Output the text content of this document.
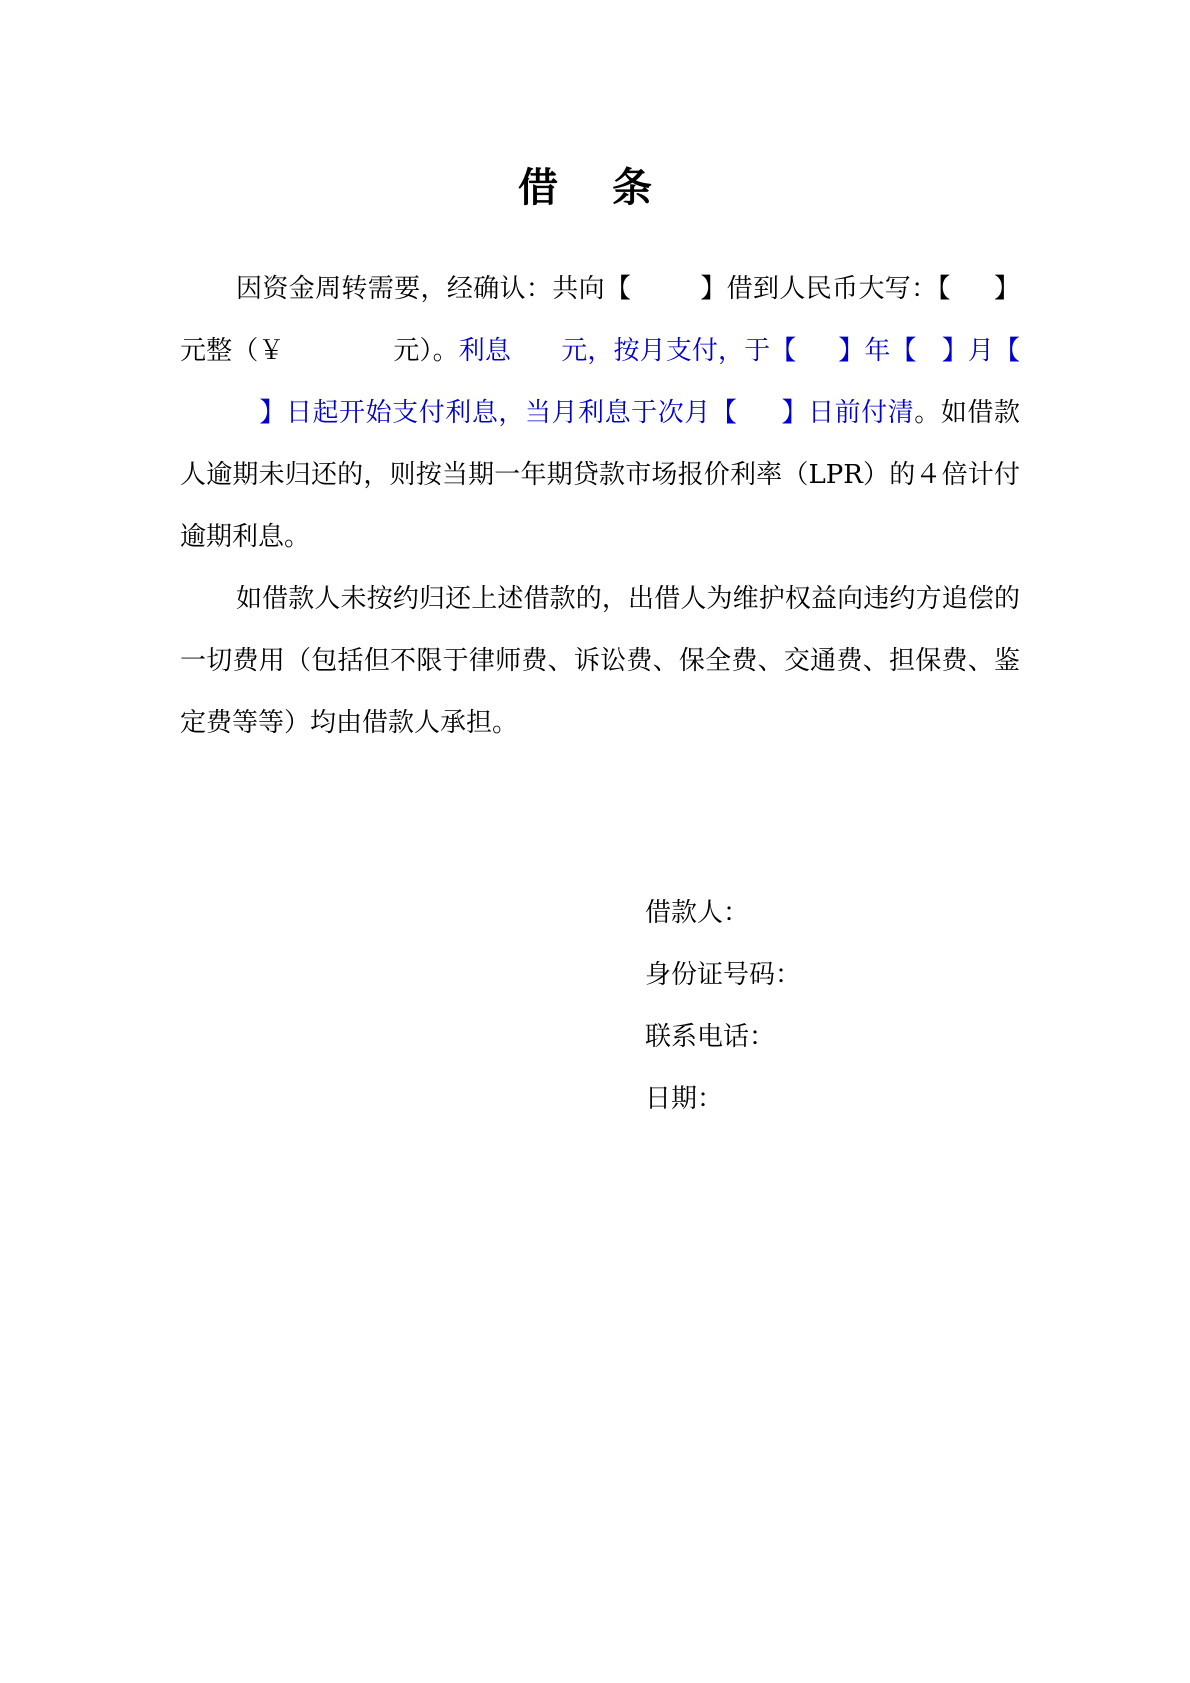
借 条

因资金周转需要，经确认：共向【	】借到人民币大写：【 】元整（￥	元）。利息 元，按月支付，于【 】年【 】月【         】日起开始支付利息，当月利息于次月【 】日前付清。如借款人逾期未归还的，则按当期一年期贷款市场报价利率（LPR）的４倍计付逾期利息。

如借款人未按约归还上述借款的，出借人为维护权益向违约方追偿的一切费用（包括但不限于律师费、诉讼费、保全费、交通费、担保费、鉴定费等等）均由借款人承担。

借款人：

身份证号码：

联系电话：

日期：
